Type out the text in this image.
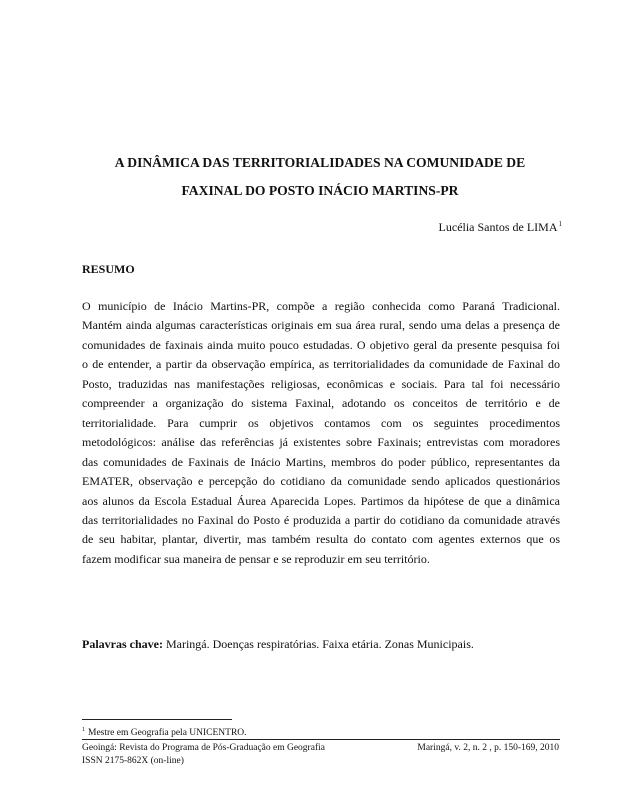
A DINÂMICA DAS TERRITORIALIDADES NA COMUNIDADE DE
FAXINAL DO POSTO INÁCIO MARTINS-PR
Lucélia Santos de LIMA$^1$
RESUMO
O município de Inácio Martins-PR, compõe a região conhecida como Paraná Tradicional.
Mantém ainda algumas características originais em sua área rural, sendo uma delas a presença de
comunidades de faxinais ainda muito pouco estudadas. O objetivo geral da presente pesquisa foi
o de entender, a partir da observação empírica, as territorialidades da comunidade de Faxinal do
Posto, traduzidas nas manifestações religiosas, econômicas e sociais. Para tal foi necessário
compreender a organização do sistema Faxinal, adotando os conceitos de território e de
territorialidade. Para cumprir os objetivos contamos com os seguintes procedimentos
metodológicos: análise das referências já existentes sobre Faxinais; entrevistas com moradores
das comunidades de Faxinais de Inácio Martins, membros do poder público, representantes da
EMATER, observação e percepção do cotidiano da comunidade sendo aplicados questionários
aos alunos da Escola Estadual Áurea Aparecida Lopes. Partimos da hipótese de que a dinâmica
das territorialidades no Faxinal do Posto é produzida a partir do cotidiano da comunidade através
de seu habitar, plantar, divertir, mas também resulta do contato com agentes externos que os
fazem modificar sua maneira de pensar e se reproduzir em seu território.
Palavras chave: Maringá. Doenças respiratórias. Faixa etária. Zonas Municipais.
$^1$ Mestre em Geografia pela UNICENTRO.
Geoingá: Revista do Programa de Pós-Graduação em Geografia
ISSN 2175-862X (on-line)
Maringá, v. 2, n. 2 , p. 150-169, 2010
